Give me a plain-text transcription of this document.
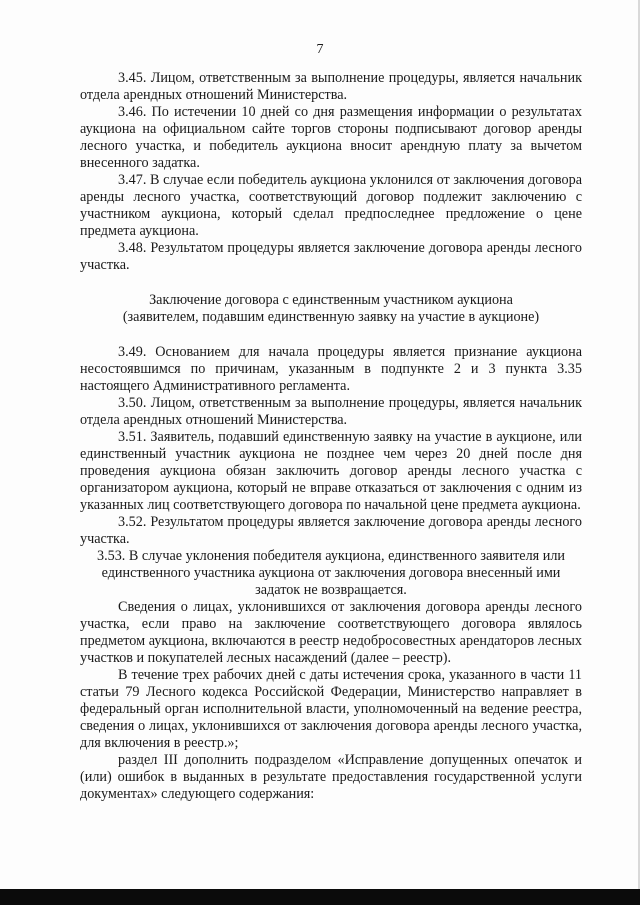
7

3.45. Лицом, ответственным за выполнение процедуры, является начальник отдела арендных отношений Министерства.

3.46. По истечении 10 дней со дня размещения информации о результатах аукциона на официальном сайте торгов стороны подписывают договор аренды лесного участка, и победитель аукциона вносит арендную плату за вычетом внесенного задатка.

3.47. В случае если победитель аукциона уклонился от заключения договора аренды лесного участка, соответствующий договор подлежит заключению с участником аукциона, который сделал предпоследнее предложение о цене предмета аукциона.

3.48. Результатом процедуры является заключение договора аренды лесного участка.

Заключение договора с единственным участником аукциона
(заявителем, подавшим единственную заявку на участие в аукционе)

3.49. Основанием для начала процедуры является признание аукциона несостоявшимся по причинам, указанным в подпункте 2 и 3 пункта 3.35 настоящего Административного регламента.

3.50. Лицом, ответственным за выполнение процедуры, является начальник отдела арендных отношений Министерства.

3.51. Заявитель, подавший единственную заявку на участие в аукционе, или единственный участник аукциона не позднее чем через 20 дней после дня проведения аукциона обязан заключить договор аренды лесного участка с организатором аукциона, который не вправе отказаться от заключения с одним из указанных лиц соответствующего договора по начальной цене предмета аукциона.

3.52. Результатом процедуры является заключение договора аренды лесного участка.

3.53. В случае уклонения победителя аукциона, единственного заявителя или единственного участника аукциона от заключения договора внесенный ими задаток не возвращается.

Сведения о лицах, уклонившихся от заключения договора аренды лесного участка, если право на заключение соответствующего договора являлось предметом аукциона, включаются в реестр недобросовестных арендаторов лесных участков и покупателей лесных насаждений (далее – реестр).

В течение трех рабочих дней с даты истечения срока, указанного в части 11 статьи 79 Лесного кодекса Российской Федерации, Министерство направляет в федеральный орган исполнительной власти, уполномоченный на ведение реестра, сведения о лицах, уклонившихся от заключения договора аренды лесного участка, для включения в реестр.»;

раздел III дополнить подразделом «Исправление допущенных опечаток и (или) ошибок в выданных в результате предоставления государственной услуги документах» следующего содержания:
